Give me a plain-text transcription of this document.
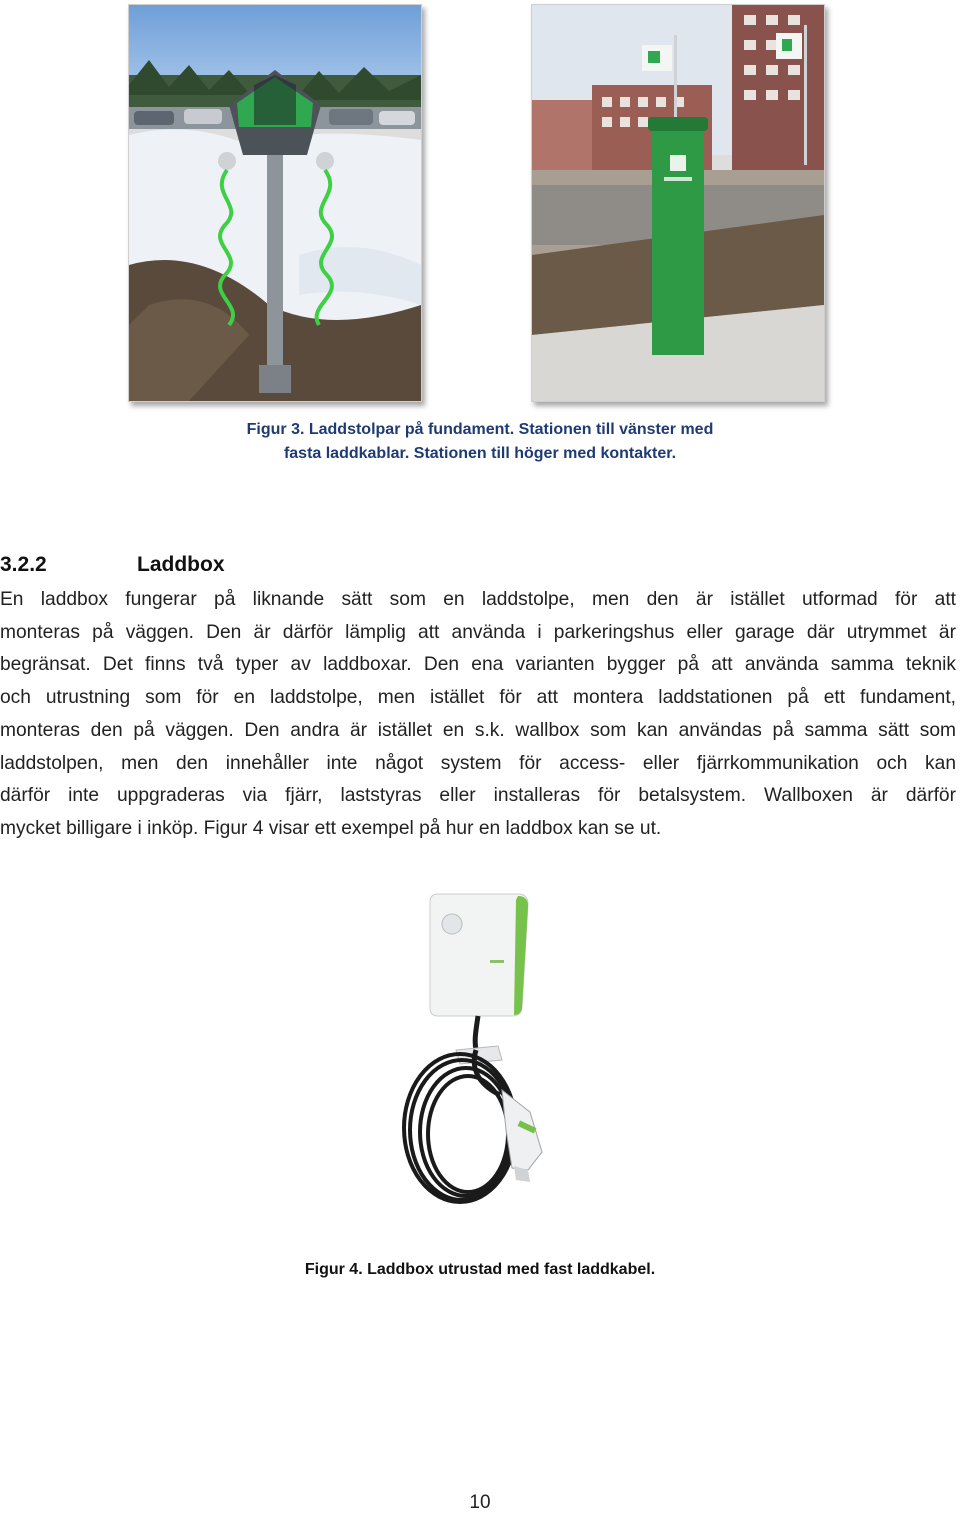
Figur 3. Laddstolpar på fundament. Stationen till vänster med
fasta laddkablar. Stationen till höger med kontakter.
3.2.2	Laddbox

En laddbox fungerar på liknande sätt som en laddstolpe, men den är istället utformad för att

monteras på väggen. Den är därför lämplig att använda i parkeringshus eller garage där utrymmet är

begränsat. Det finns två typer av laddboxar. Den ena varianten bygger på att använda samma teknik

och utrustning som för en laddstolpe, men istället för att montera laddstationen på ett fundament,

monteras den på väggen. Den andra är istället en s.k. wallbox som kan användas på samma sätt som

laddstolpen, men den innehåller inte något system för access- eller fjärrkommunikation och kan

därför inte uppgraderas via fjärr, laststyras eller installeras för betalsystem. Wallboxen är därför

mycket billigare i inköp. Figur 4 visar ett exempel på hur en laddbox kan se ut.

Figur 4. Laddbox utrustad med fast laddkabel.
10
